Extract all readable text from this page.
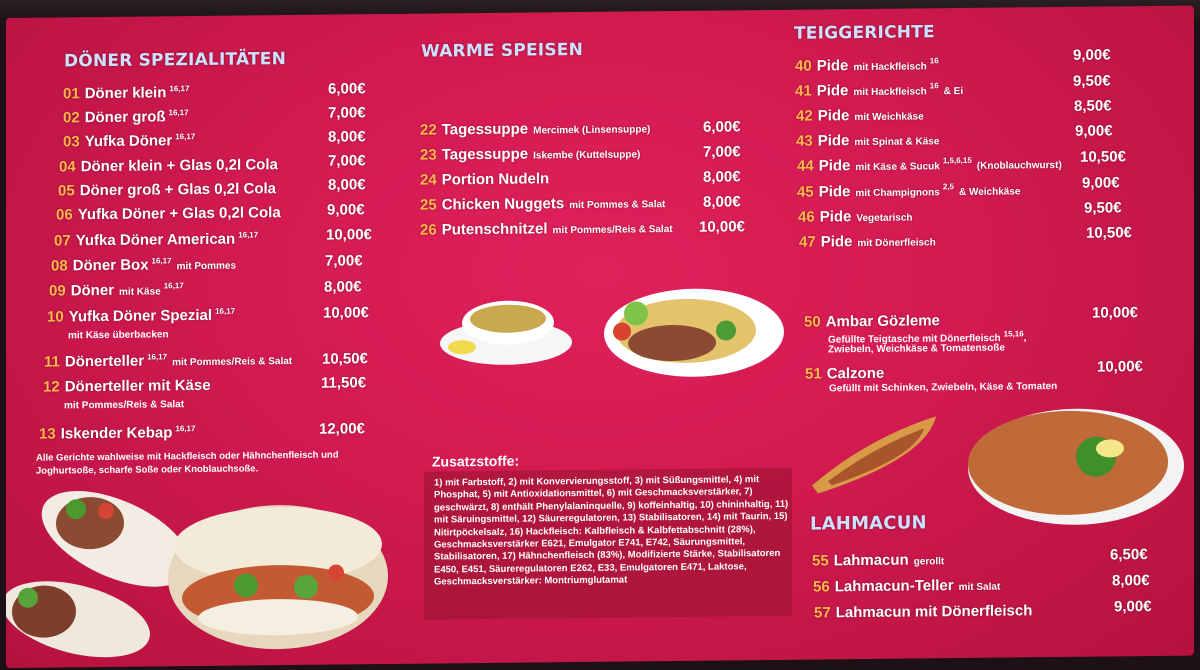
DÖNER SPEZIALITÄTEN
01 Döner klein $^{16,17}$	6,00€
02 Döner groß $^{16,17}$	7,00€
03 Yufka Döner $^{16,17}$	8,00€
04 Döner klein + Glas 0,2l Cola	7,00€
05 Döner groß + Glas 0,2l Cola	8,00€
06 Yufka Döner + Glas 0,2l Cola	9,00€
07 Yufka Döner American $^{16,17}$	10,00€
08 Döner Box $^{16,17}$ mit Pommes	7,00€
09 Döner mit Käse$^{16,17}$	8,00€
10 Yufka Döner Spezial $^{16,17}$	10,00€
mit Käse überbacken
11 Dönerteller $^{16,17}$ mit Pommes/Reis & Salat 10,50€
12 Dönerteller mit Käse	11,50€
mit Pommes/Reis & Salat
13 Iskender Kebap $^{16,17}$	12,00€
Alle Gerichte wahlweise mit Hackfleisch oder Hähnchenfleisch und Joghurtsoße, scharfe Soße oder Knoblauchsoße.
WARME SPEISEN
22 Tagessuppe Mercimek (Linsensuppe)	6,00€
23 Tagessuppe Iskembe (Kuttelsuppe)	7,00€
24 Portion Nudeln	8,00€
25 Chicken Nuggets mit Pommes & Salat	8,00€
26 Putenschnitzel mit Pommes/Reis & Salat 10,00€
Zusatzstoffe:
1) mit Farbstoff, 2) mit Konvervierungsstoff, 3) mit Süßungsmittel, 4) mit Phosphat, 5) mit Antioxidationsmittel, 6) mit Geschmacksverstärker, 7) geschwärzt, 8) enthält Phenylalaninquelle, 9) koffeinhaltig, 10) chininhaltig, 11) mit Säruingsmittel, 12) Säureregulatoren, 13) Stabilisatoren, 14) mit Taurin, 15) Nitirtpöckelsalz, 16) Hackfleisch: Kalbfleisch & Kalbfettabschnitt (28%), Geschmacksverstärker E621, Emulgator E741, E742, Säurungsmittel, Stabilisatoren, 17) Hähnchenfleisch (83%), Modifizierte Stärke, Stabilisatoren E450, E451, Säureregulatoren E262, E33, Emulgatoren E471, Laktose, Geschmacksverstärker: Montriumglutamat
TEIGGERICHTE
40 Pide mit Hackfleisch$^{16}$	9,00€
41 Pide mit Hackfleisch$^{16}$& Ei
9,50€
42 Pide mit Weichkäse
8,50€
43 Pide mit Spinat & Käse
9,00€
44 Pide mit Käse & Sucuk$^{1,5,6,15}$ (Knoblauchwurst)
10,50€
45 Pide mit Champignons$^{2,5}$ & Weichkäse
9,00€
46 Pide Vegetarisch
9,50€
47 Pide mit Dönerfleisch
10,50€
50 Ambar Gözleme	10,00€
Gefüllte Teigtasche mit Dönerfleisch $^{15,16}$,
Zwiebeln, Weichkäse & Tomatensoße
51 Calzone	10,00€
Gefüllt mit Schinken, Zwiebeln, Käse & Tomaten
LAHMACUN
55 Lahmacun gerollt	6,50€
56 Lahmacun-Teller mit Salat	8,00€
57 Lahmacun mit Dönerfleisch	9,00€
